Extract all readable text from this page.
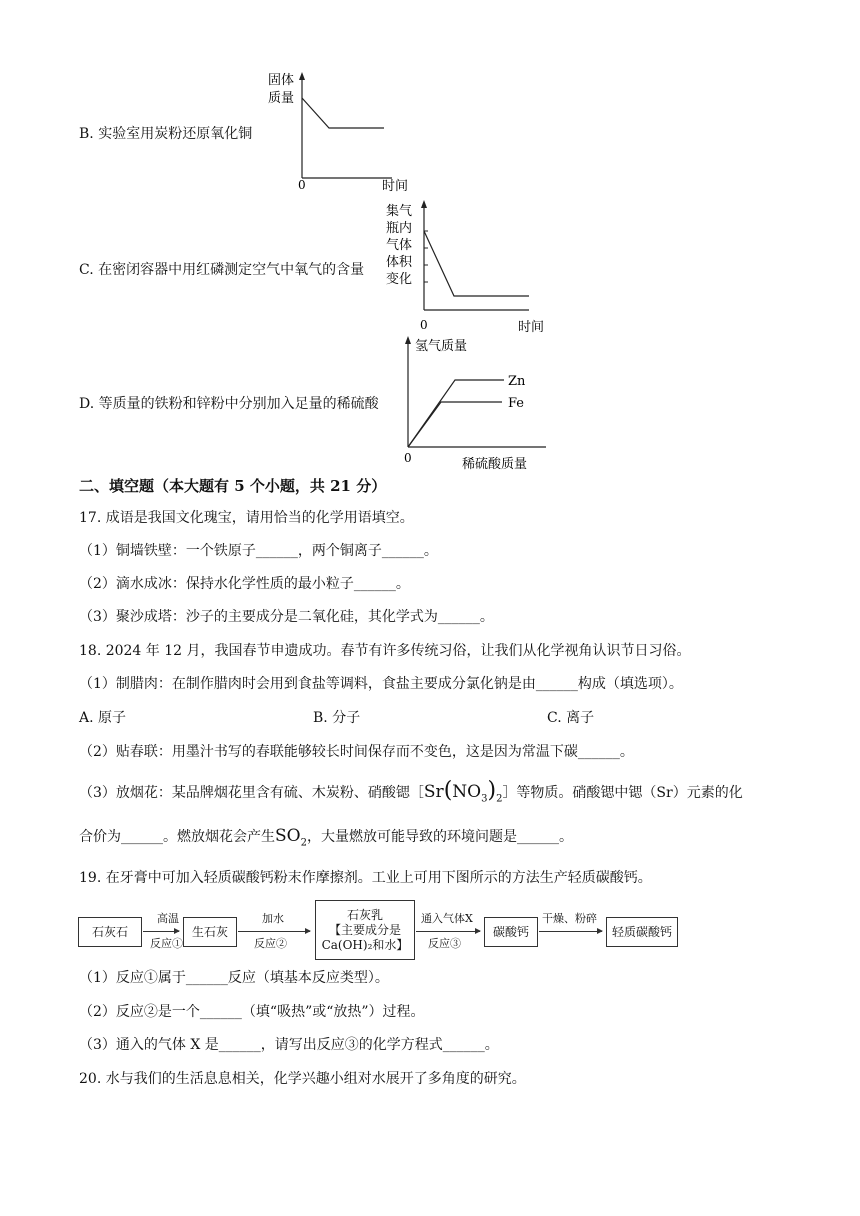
B. 实验室用炭粉还原氧化铜
固体
质量
0	时间
C. 在密闭容器中用红磷测定空气中氧气的含量
集气
瓶内
气体
体积
变化
0	时间
D. 等质量的铁粉和锌粉中分别加入足量的稀硫酸
氢气质量
Zn
Fe
0	稀硫酸质量
二、填空题（本大题有 5 个小题，共 21 分）
17. 成语是我国文化瑰宝，请用恰当的化学用语填空。
（1）铜墙铁壁：一个铁原子______，两个铜离子______。
（2）滴水成冰：保持水化学性质的最小粒子______。
（3）聚沙成塔：沙子的主要成分是二氧化硅，其化学式为______。
18. 2024 年 12 月，我国春节申遗成功。春节有许多传统习俗，让我们从化学视角认识节日习俗。
（1）制腊肉：在制作腊肉时会用到食盐等调料，食盐主要成分氯化钠是由______构成（填选项）。
A. 原子	B. 分子	C. 离子
（2）贴春联：用墨汁书写的春联能够较长时间保存而不变色，这是因为常温下碳______。
（3）放烟花：某品牌烟花里含有硫、木炭粉、硝酸锶$[Sr(NO_3)_2]$等物质。硝酸锶中锶（Sr）元素的化
合价为______。燃放烟花会产生$SO_2$，大量燃放可能导致的环境问题是______。
19. 在牙膏中可加入轻质碳酸钙粉末作摩擦剂。工业上可用下图所示的方法生产轻质碳酸钙。
石灰石
高温
反应①
生石灰
加水
反应②
石灰乳
【主要成分是
Ca(OH)₂和水】
通入气体X
反应③
碳酸钙
干燥、粉碎
轻质碳酸钙
（1）反应①属于______反应（填基本反应类型）。
（2）反应②是一个______（填“吸热”或“放热”）过程。
（3）通入的气体 X 是______，请写出反应③的化学方程式______。
20. 水与我们的生活息息相关，化学兴趣小组对水展开了多角度的研究。
